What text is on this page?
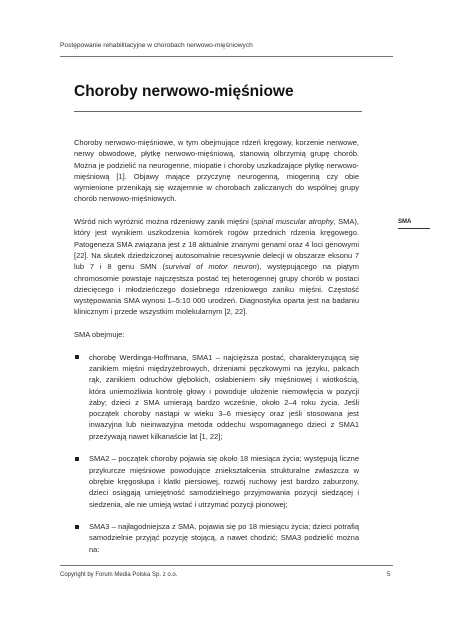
Postępowanie rehabilitacyjne w chorobach nerwowo-mięśniowych
Choroby nerwowo-mięśniowe
SMA

Choroby nerwowo-mięśniowe, w tym obejmujące rdzeń kręgowy, korzenie nerwowe, nerwy obwodowe, płytkę nerwowo-mięśniową, stanowią olbrzymią grupę chorób. Można je podzielić na neurogenne, miopatie i choroby uszkadzające płytkę nerwowo-mięśniową [1]. Objawy mające przyczynę neurogenną, miogenną czy obie wymienione przenikają się wzajemnie w chorobach zaliczanych do wspólnej grupy chorób nerwowo-mięśniowych.

Wśród nich wyróżnić można rdzeniowy zanik mięśni (spinal muscular atrophy, SMA), który jest wynikiem uszkodzenia komórek rogów przednich rdzenia kręgowego. Patogeneza SMA związana jest z 18 aktualnie znanymi genami oraz 4 loci genowymi [22]. Na skutek dziedziczonej autosomalnie recesywnie delecji w obszarze eksonu 7 lub 7 i 8 genu SMN (survival of motor neuron), występującego na piątym chromosomie powstaje najczęstsza postać tej heterogennej grupy chorób w postaci dziecięcego i młodzieńczego dosiebnego rdzeniowego zaniku mięśni. Częstość występowania SMA wynosi 1–5:10 000 urodzeń. Diagnostyka oparta jest na badaniu klinicznym i przede wszystkim molekularnym [2, 22].

SMA obejmuje:

chorobę Werdinga-Hoffmana, SMA1 – najcięższa postać, charakteryzującą się zanikiem mięśni międzyżebrowych, drżeniami pęczkowymi na języku, palcach rąk, zanikiem odruchów głębokich, osłabieniem siły mięśniowej i wiotkością, która uniemożliwia kontrolę głowy i powoduje ułożenie niemowlęcia w pozycji żaby; dzieci z SMA umierają bardzo wcześnie, około 2–4 roku życia. Jeśli początek choroby nastąpi w wieku 3–6 miesięcy oraz jeśli stosowana jest inwazyjna lub nieinwazyjna metoda oddechu wspomaganego dzieci z SMA1 przeżywają nawet kilkanaście lat [1, 22];
SMA2 – początek choroby pojawia się około 18 miesiąca życia; występują liczne przykurcze mięśniowe powodujące zniekształcenia strukturalne zwłaszcza w obrębie kręgosłupa i klatki piersiowej, rozwój ruchowy jest bardzo zaburzony, dzieci osiągają umiejętność samodzielnego przyjmowania pozycji siedzącej i siedzenia, ale nie umieją wstać i utrzymać pozycji pionowej;
SMA3 – najłagodniejsza z SMA, pojawia się po 18 miesiącu życia; dzieci potrafią samodzielnie przyjąć pozycję stojącą, a nawet chodzić; SMA3 podzielić można na:
Copyright by Forum Media Polska Sp. z o.o.	5
